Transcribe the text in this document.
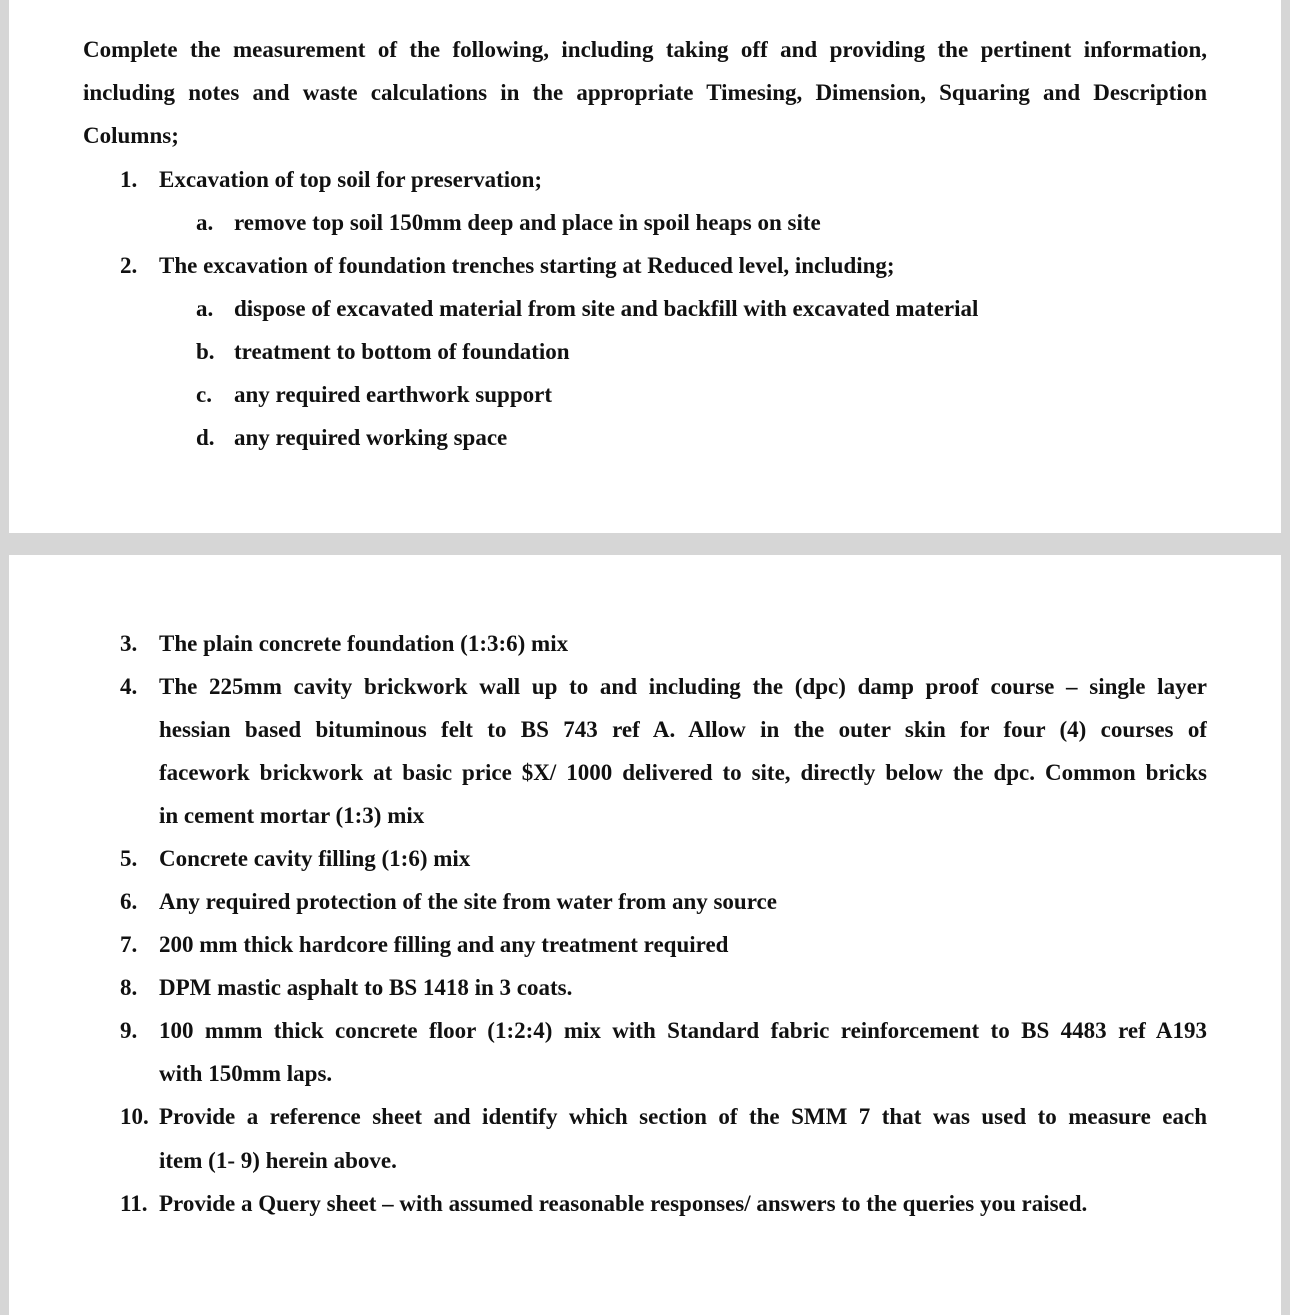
Complete the measurement of the following, including taking off and providing the pertinent information,
including notes and waste calculations in the appropriate Timesing, Dimension, Squaring and Description
Columns;
1. Excavation of top soil for preservation;
a. remove top soil 150mm deep and place in spoil heaps on site
2. The excavation of foundation trenches starting at Reduced level, including;
a. dispose of excavated material from site and backfill with excavated material
b. treatment to bottom of foundation
c. any required earthwork support
d. any required working space
3. The plain concrete foundation (1:3:6) mix
4. The 225mm cavity brickwork wall up to and including the (dpc) damp proof course – single layer
hessian based bituminous felt to BS 743 ref A. Allow in the outer skin for four (4) courses of
facework brickwork at basic price $X/ 1000 delivered to site, directly below the dpc. Common bricks
in cement mortar (1:3) mix
5. Concrete cavity filling (1:6) mix
6. Any required protection of the site from water from any source
7. 200 mm thick hardcore filling and any treatment required
8. DPM mastic asphalt to BS 1418 in 3 coats.
9. 100 mmm thick concrete floor (1:2:4) mix with Standard fabric reinforcement to BS 4483 ref A193
with 150mm laps.
10. Provide a reference sheet and identify which section of the SMM 7 that was used to measure each
item (1- 9) herein above.
11. Provide a Query sheet – with assumed reasonable responses/ answers to the queries you raised.
